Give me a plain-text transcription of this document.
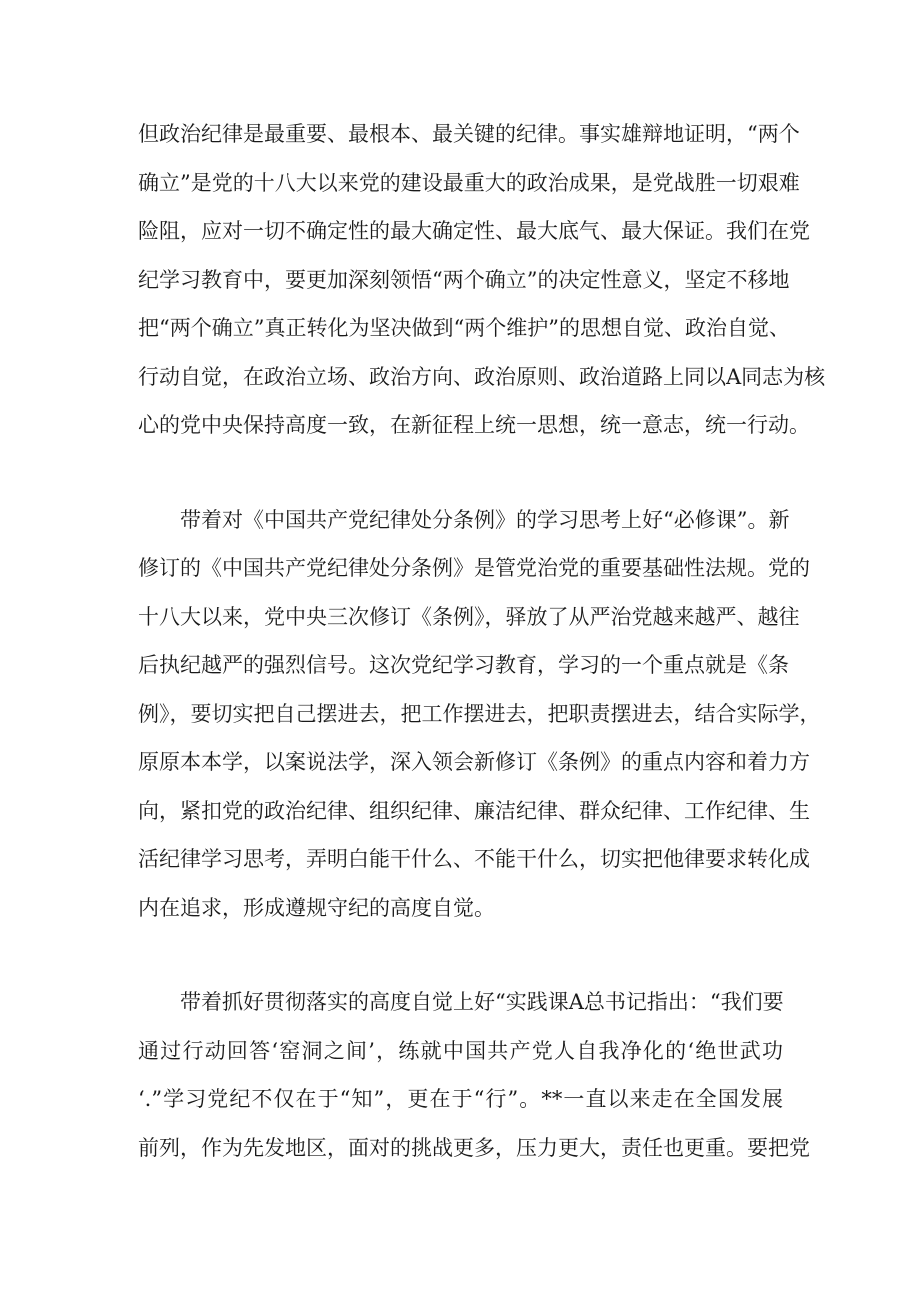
但政治纪律是最重要、最根本、最关键的纪律。事实雄辩地证明，“两个
确立”是党的十八大以来党的建设最重大的政治成果，是党战胜一切艰难
险阻，应对一切不确定性的最大确定性、最大底气、最大保证。我们在党
纪学习教育中，要更加深刻领悟“两个确立”的决定性意义，坚定不移地
把“两个确立”真正转化为坚决做到“两个维护”的思想自觉、政治自觉、
行动自觉，在政治立场、政治方向、政治原则、政治道路上同以A同志为核
心的党中央保持高度一致，在新征程上统一思想，统一意志，统一行动。
带着对《中国共产党纪律处分条例》的学习思考上好“必修课”。新
修订的《中国共产党纪律处分条例》是管党治党的重要基础性法规。党的
十八大以来，党中央三次修订《条例》，驿放了从严治党越来越严、越往
后执纪越严的强烈信号。这次党纪学习教育，学习的一个重点就是《条
例》，要切实把自己摆进去，把工作摆进去，把职责摆进去，结合实际学，
原原本本学，以案说法学，深入领会新修订《条例》的重点内容和着力方
向，紧扣党的政治纪律、组织纪律、廉洁纪律、群众纪律、工作纪律、生
活纪律学习思考，弄明白能干什么、不能干什么，切实把他律要求转化成
内在追求，形成遵规守纪的高度自觉。
带着抓好贯彻落实的高度自觉上好“实践课A总书记指出：“我们要
通过行动回答‘窑洞之间’，练就中国共产党人自我净化的‘绝世武功
‘.”学习党纪不仅在于“知”，更在于“行”。**一直以来走在全国发展
前列，作为先发地区，面对的挑战更多，压力更大，责任也更重。要把党
